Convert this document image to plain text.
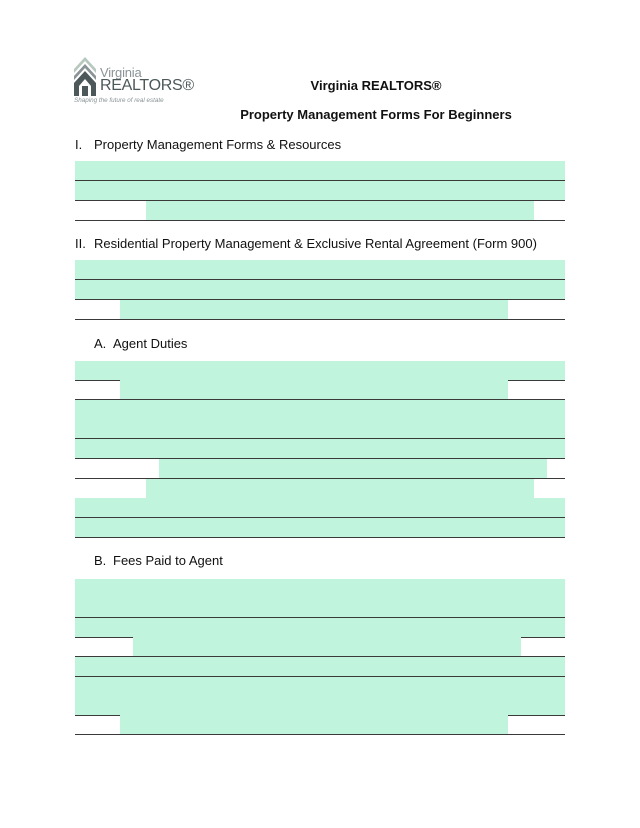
Virginia
REALTORS®
Shaping the future of real estate
Virginia REALTORS®
Property Management Forms For Beginners
I. Property Management Forms & Resources
II. Residential Property Management & Exclusive Rental Agreement (Form 900)
A. Agent Duties
B. Fees Paid to Agent
